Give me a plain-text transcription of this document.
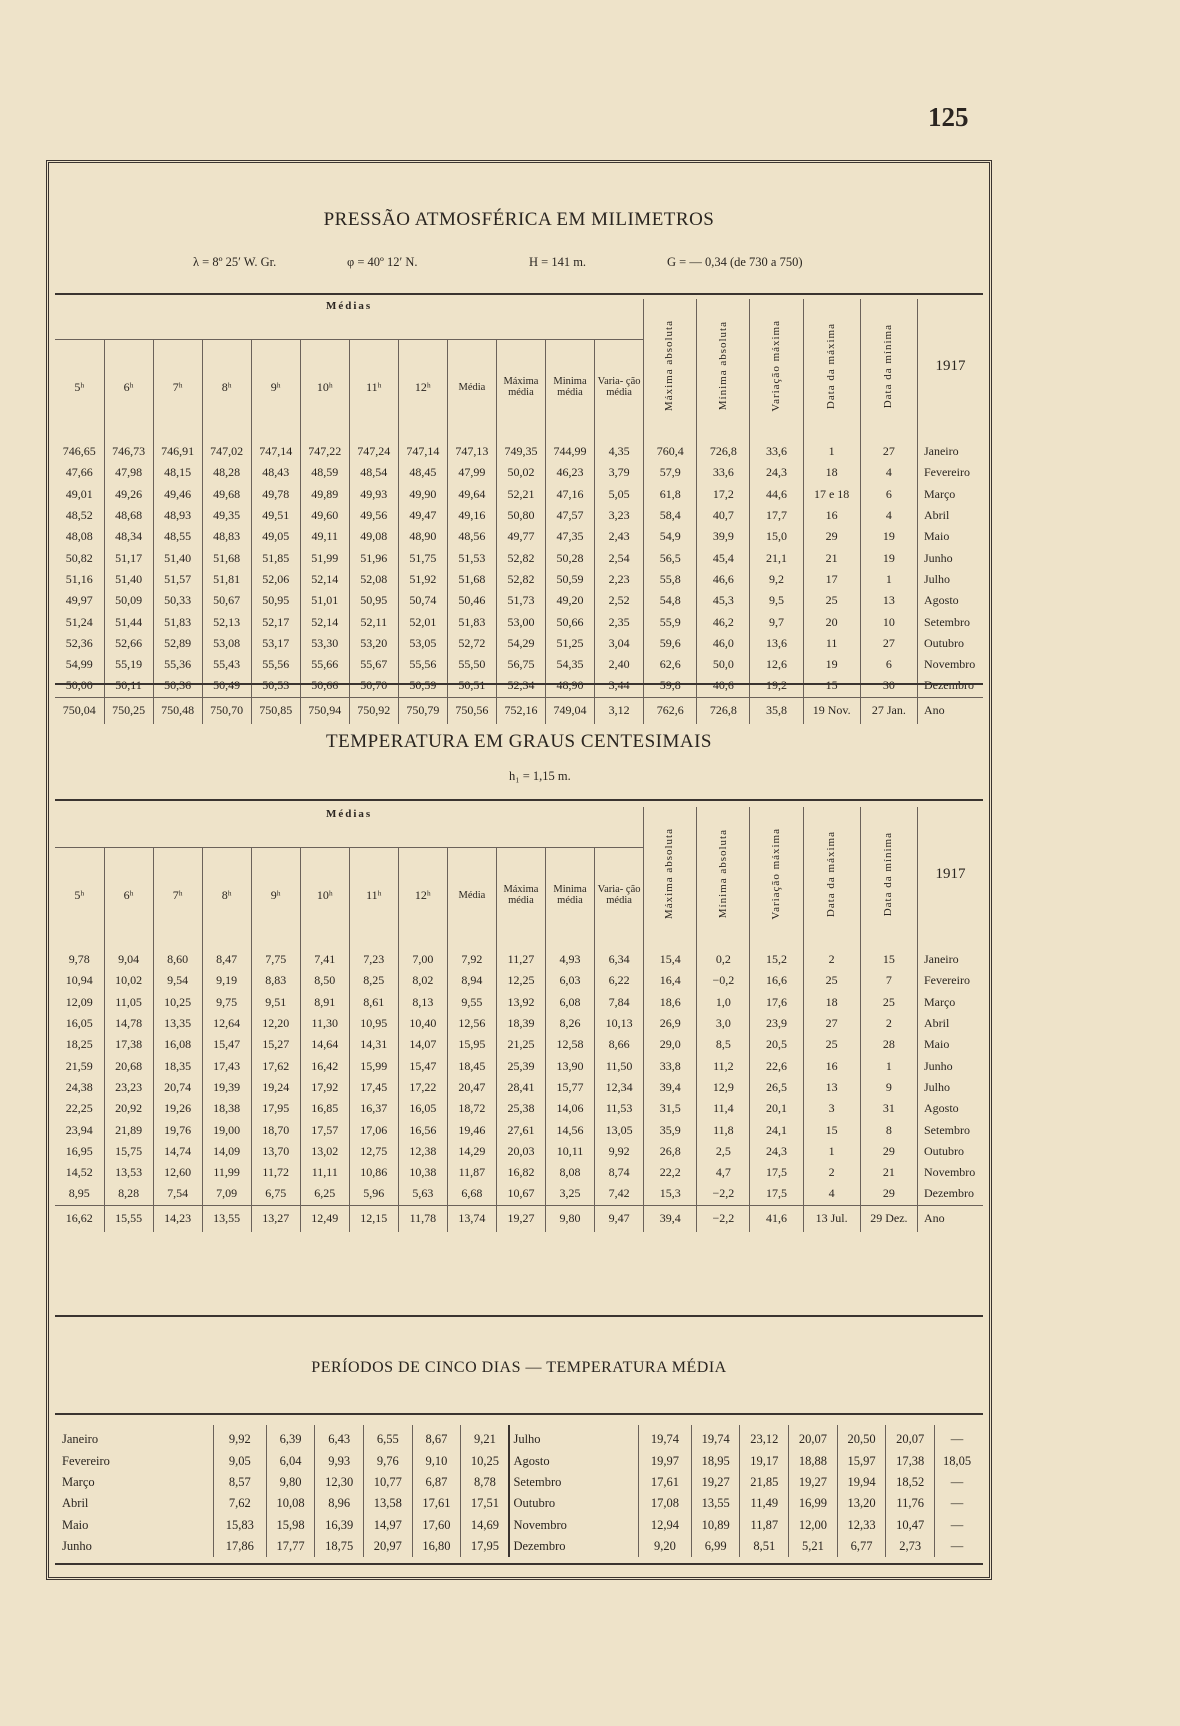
125
PRESSÃO ATMOSFÉRICA EM MILIMETROS
λ = 8º 25′ W. Gr.	φ = 40º 12′ N.	H = 141 m.	G = — 0,34 (de 730 a 750)
Médias												Máxima absoluta	Mínima absoluta	Variação máxima	Data da máxima	Data da mínima	1917
5ʰ	6ʰ	7ʰ	8ʰ	9ʰ	10ʰ	11ʰ	12ʰ	Média	Máxima média	Minima média	Varia- ção média						
746,65	746,73	746,91	747,02	747,14	747,22	747,24	747,14	747,13	749,35	744,99	4,35	760,4	726,8	33,6	1	27	Janeiro
47,66	47,98	48,15	48,28	48,43	48,59	48,54	48,45	47,99	50,02	46,23	3,79	57,9	33,6	24,3	18	4	Fevereiro
49,01	49,26	49,46	49,68	49,78	49,89	49,93	49,90	49,64	52,21	47,16	5,05	61,8	17,2	44,6	17 e 18	6	Março
48,52	48,68	48,93	49,35	49,51	49,60	49,56	49,47	49,16	50,80	47,57	3,23	58,4	40,7	17,7	16	4	Abril
48,08	48,34	48,55	48,83	49,05	49,11	49,08	48,90	48,56	49,77	47,35	2,43	54,9	39,9	15,0	29	19	Maio
50,82	51,17	51,40	51,68	51,85	51,99	51,96	51,75	51,53	52,82	50,28	2,54	56,5	45,4	21,1	21	19	Junho
51,16	51,40	51,57	51,81	52,06	52,14	52,08	51,92	51,68	52,82	50,59	2,23	55,8	46,6	9,2	17	1	Julho
49,97	50,09	50,33	50,67	50,95	51,01	50,95	50,74	50,46	51,73	49,20	2,52	54,8	45,3	9,5	25	13	Agosto
51,24	51,44	51,83	52,13	52,17	52,14	52,11	52,01	51,83	53,00	50,66	2,35	55,9	46,2	9,7	20	10	Setembro
52,36	52,66	52,89	53,08	53,17	53,30	53,20	53,05	52,72	54,29	51,25	3,04	59,6	46,0	13,6	11	27	Outubro
54,99	55,19	55,36	55,43	55,56	55,66	55,67	55,56	55,50	56,75	54,35	2,40	62,6	50,0	12,6	19	6	Novembro
50,00	50,11	50,36	50,49	50,53	50,66	50,70	50,59	50,51	52,34	48,90	3,44	59,8	40,6	19,2	15	30	Dezembro
750,04	750,25	750,48	750,70	750,85	750,94	750,92	750,79	750,56	752,16	749,04	3,12	762,6	726,8	35,8	19 Nov.	27 Jan.	Ano
TEMPERATURA EM GRAUS CENTESIMAIS
h₁ = 1,15 m.
Médias												Máxima absoluta	Mínima absoluta	Variação máxima	Data da máxima	Data da mínima	1917
5ʰ	6ʰ	7ʰ	8ʰ	9ʰ	10ʰ	11ʰ	12ʰ	Média	Máxima média	Minima média	Varia- ção média						
9,78	9,04	8,60	8,47	7,75	7,41	7,23	7,00	7,92	11,27	4,93	6,34	15,4	0,2	15,2	2	15	Janeiro
10,94	10,02	9,54	9,19	8,83	8,50	8,25	8,02	8,94	12,25	6,03	6,22	16,4	−0,2	16,6	25	7	Fevereiro
12,09	11,05	10,25	9,75	9,51	8,91	8,61	8,13	9,55	13,92	6,08	7,84	18,6	1,0	17,6	18	25	Março
16,05	14,78	13,35	12,64	12,20	11,30	10,95	10,40	12,56	18,39	8,26	10,13	26,9	3,0	23,9	27	2	Abril
18,25	17,38	16,08	15,47	15,27	14,64	14,31	14,07	15,95	21,25	12,58	8,66	29,0	8,5	20,5	25	28	Maio
21,59	20,68	18,35	17,43	17,62	16,42	15,99	15,47	18,45	25,39	13,90	11,50	33,8	11,2	22,6	16	1	Junho
24,38	23,23	20,74	19,39	19,24	17,92	17,45	17,22	20,47	28,41	15,77	12,34	39,4	12,9	26,5	13	9	Julho
22,25	20,92	19,26	18,38	17,95	16,85	16,37	16,05	18,72	25,38	14,06	11,53	31,5	11,4	20,1	3	31	Agosto
23,94	21,89	19,76	19,00	18,70	17,57	17,06	16,56	19,46	27,61	14,56	13,05	35,9	11,8	24,1	15	8	Setembro
16,95	15,75	14,74	14,09	13,70	13,02	12,75	12,38	14,29	20,03	10,11	9,92	26,8	2,5	24,3	1	29	Outubro
14,52	13,53	12,60	11,99	11,72	11,11	10,86	10,38	11,87	16,82	8,08	8,74	22,2	4,7	17,5	2	21	Novembro
8,95	8,28	7,54	7,09	6,75	6,25	5,96	5,63	6,68	10,67	3,25	7,42	15,3	−2,2	17,5	4	29	Dezembro
16,62	15,55	14,23	13,55	13,27	12,49	12,15	11,78	13,74	19,27	9,80	9,47	39,4	−2,2	41,6	13 Jul.	29 Dez.	Ano
PERÍODOS DE CINCO DIAS — TEMPERATURA MÉDIA
Janeiro	9,92	6,39	6,43	6,55	8,67	9,21	Julho	19,74	19,74	23,12	20,07	20,50	20,07	—
Fevereiro	9,05	6,04	9,93	9,76	9,10	10,25	Agosto	19,97	18,95	19,17	18,88	15,97	17,38	18,05
Março	8,57	9,80	12,30	10,77	6,87	8,78	Setembro	17,61	19,27	21,85	19,27	19,94	18,52	—
Abril	7,62	10,08	8,96	13,58	17,61	17,51	Outubro	17,08	13,55	11,49	16,99	13,20	11,76	—
Maio	15,83	15,98	16,39	14,97	17,60	14,69	Novembro	12,94	10,89	11,87	12,00	12,33	10,47	—
Junho	17,86	17,77	18,75	20,97	16,80	17,95	Dezembro	9,20	6,99	8,51	5,21	6,77	2,73	—
